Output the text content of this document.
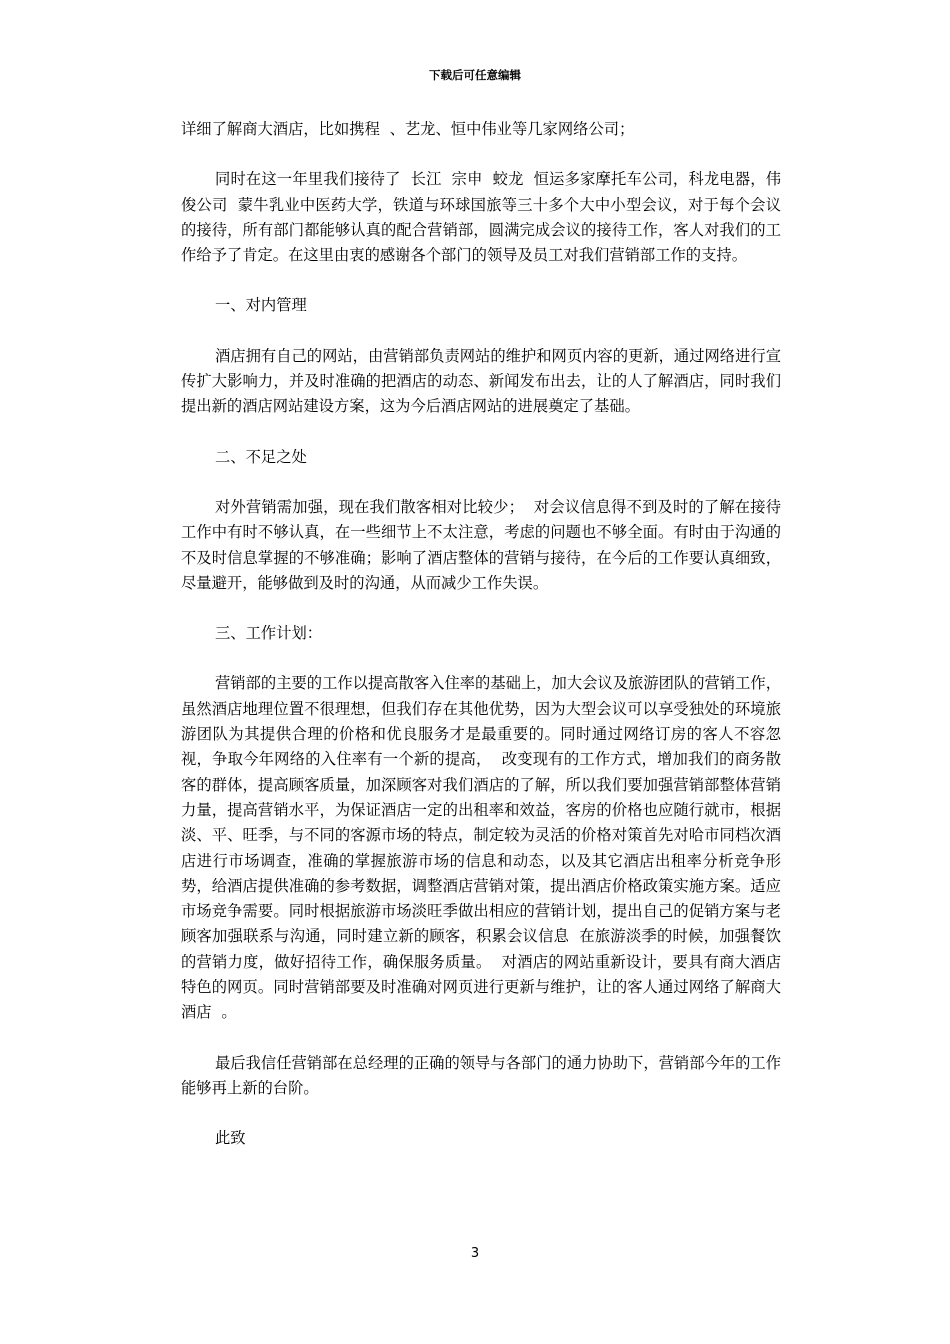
下载后可任意编辑

详细了解商大酒店，比如携程  、艺龙、恒中伟业等几家网络公司；

同时在这一年里我们接待了  长江  宗申  蛟龙  恒运多家摩托车公司，科龙电器，伟俊公司  蒙牛乳业中医药大学，铁道与环球国旅等三十多个大中小型会议，对于每个会议的接待，所有部门都能够认真的配合营销部，圆满完成会议的接待工作，客人对我们的工作给予了肯定。在这里由衷的感谢各个部门的领导及员工对我们营销部工作的支持。

一、对内管理

酒店拥有自己的网站，由营销部负责网站的维护和网页内容的更新，通过网络进行宣传扩大影响力，并及时准确的把酒店的动态、新闻发布出去，让的人了解酒店，同时我们提出新的酒店网站建设方案，这为今后酒店网站的进展奠定了基础。

二、不足之处

对外营销需加强，现在我们散客相对比较少；  对会议信息得不到及时的了解在接待工作中有时不够认真，在一些细节上不太注意，考虑的问题也不够全面。有时由于沟通的不及时信息掌握的不够准确；影响了酒店整体的营销与接待，在今后的工作要认真细致，尽量避开，能够做到及时的沟通，从而减少工作失误。

三、工作计划：

营销部的主要的工作以提高散客入住率的基础上，加大会议及旅游团队的营销工作，虽然酒店地理位置不很理想，但我们存在其他优势，因为大型会议可以享受独处的环境旅游团队为其提供合理的价格和优良服务才是最重要的。同时通过网络订房的客人不容忽视，争取今年网络的入住率有一个新的提高，  改变现有的工作方式，增加我们的商务散客的群体，提高顾客质量，加深顾客对我们酒店的了解，所以我们要加强营销部整体营销力量，提高营销水平，为保证酒店一定的出租率和效益，客房的价格也应随行就市，根据淡、平、旺季，与不同的客源市场的特点，制定较为灵活的价格对策首先对哈市同档次酒店进行市场调查，准确的掌握旅游市场的信息和动态，以及其它酒店出租率分析竞争形势，给酒店提供准确的参考数据，调整酒店营销对策，提出酒店价格政策实施方案。适应市场竞争需要。同时根据旅游市场淡旺季做出相应的营销计划，提出自己的促销方案与老顾客加强联系与沟通，同时建立新的顾客，积累会议信息  在旅游淡季的时候，加强餐饮的营销力度，做好招待工作，确保服务质量。  对酒店的网站重新设计，要具有商大酒店特色的网页。同时营销部要及时准确对网页进行更新与维护，让的客人通过网络了解商大酒店  。

最后我信任营销部在总经理的正确的领导与各部门的通力协助下，营销部今年的工作能够再上新的台阶。

此致

3
